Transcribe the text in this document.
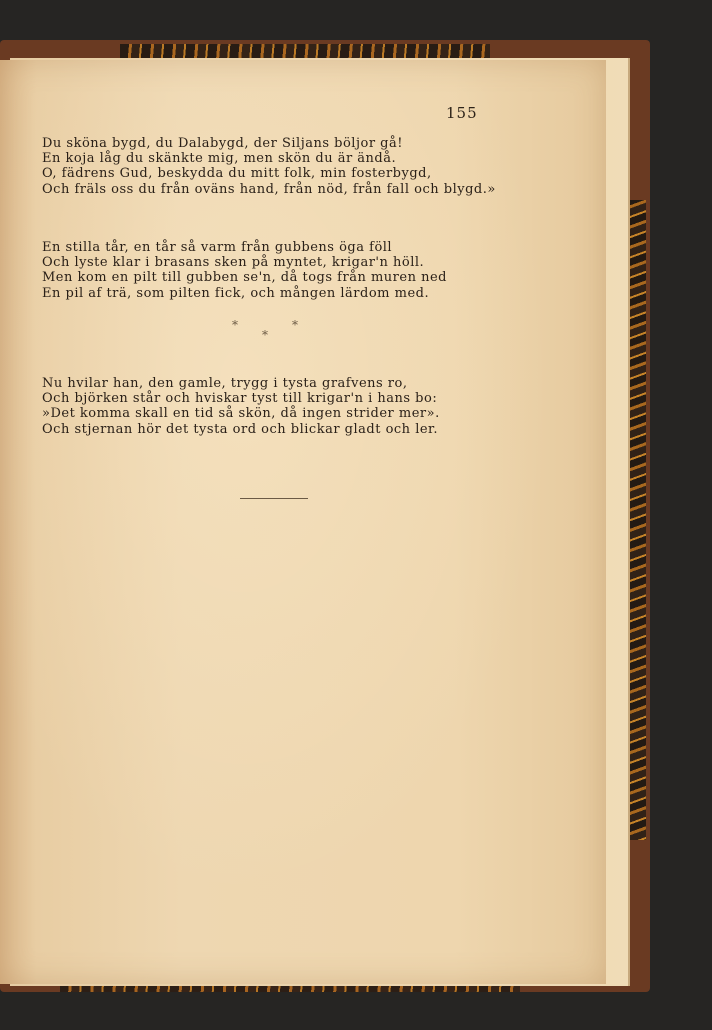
155
Du sköna bygd, du Dalabygd, der Siljans böljor gå!
En koja låg du skänkte mig, men skön du är ändå.
O, fädrens Gud, beskydda du mitt folk, min fosterbygd,
Och fräls oss du från oväns hand, från nöd, från fall och blygd.»
En stilla tår, en tår så varm från gubbens öga föll
Och lyste klar i brasans sken på myntet, krigar'n höll.
Men kom en pilt till gubben se'n, då togs från muren ned
En pil af trä, som pilten fick, och mången lärdom med.
*	*
*
Nu hvilar han, den gamle, trygg i tysta grafvens ro,
Och björken står och hviskar tyst till krigar'n i hans bo:
»Det komma skall en tid så skön, då ingen strider mer».
Och stjernan hör det tysta ord och blickar gladt och ler.
